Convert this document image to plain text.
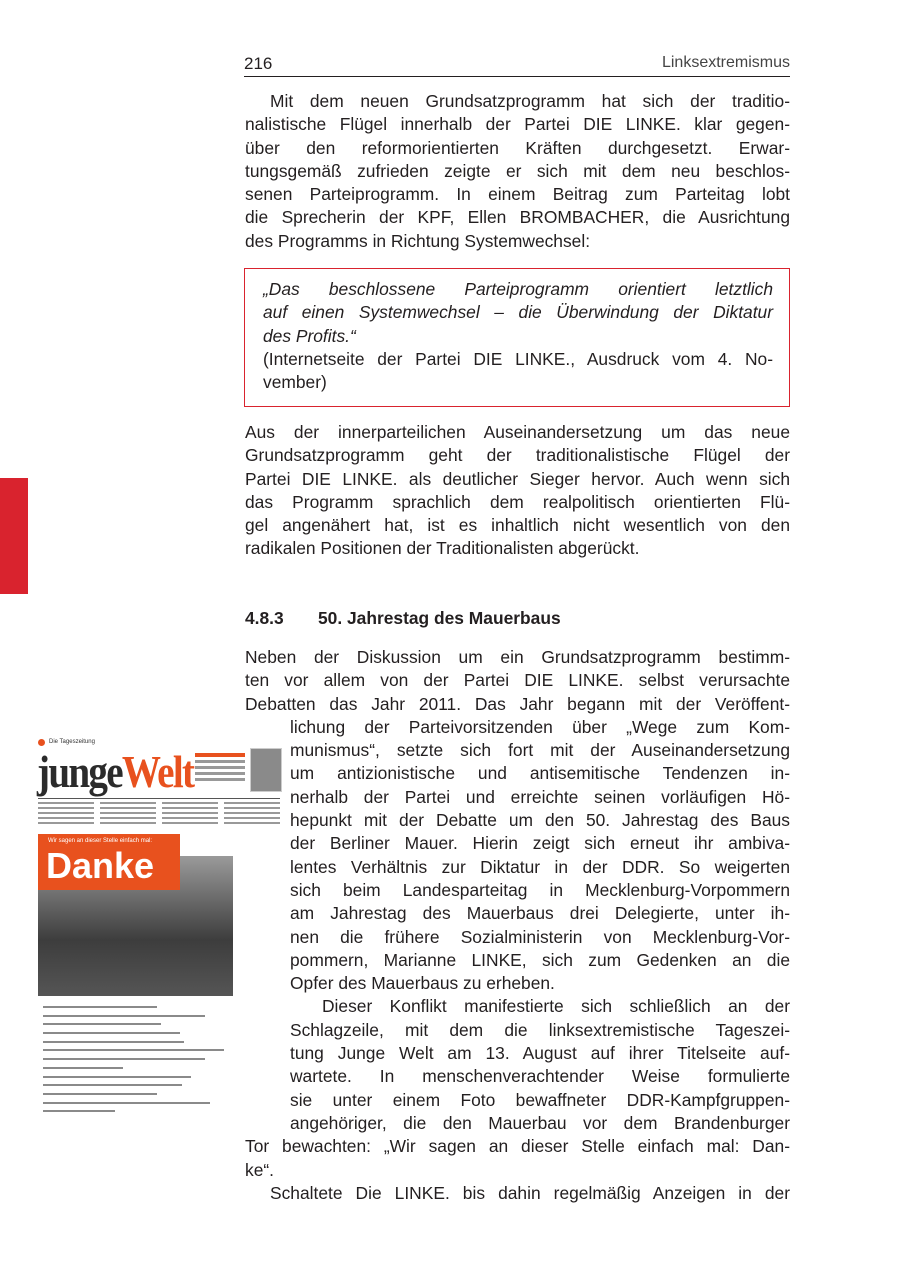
216	Linksextremismus
Mit dem neuen Grundsatzprogramm hat sich der traditio-
nalistische Flügel innerhalb der Partei DIE LINKE. klar gegen-
über den reformorientierten Kräften durchgesetzt. Erwar-
tungsgemäß zufrieden zeigte er sich mit dem neu beschlos-
senen Parteiprogramm. In einem Beitrag zum Parteitag lobt
die Sprecherin der KPF, Ellen BROMBACHER, die Ausrichtung
des Programms in Richtung Systemwechsel:
„Das beschlossene Parteiprogramm orientiert letztlich
auf einen Systemwechsel – die Überwindung der Diktatur
des Profits.“
(Internetseite der Partei DIE LINKE., Ausdruck vom 4. No-
vember)
Aus der innerparteilichen Auseinandersetzung um das neue
Grundsatzprogramm geht der traditionalistische Flügel der
Partei DIE LINKE. als deutlicher Sieger hervor. Auch wenn sich
das Programm sprachlich dem realpolitisch orientierten Flü-
gel angenähert hat, ist es inhaltlich nicht wesentlich von den
radikalen Positionen der Traditionalisten abgerückt.
4.8.3 50. Jahrestag des Mauerbaus
Neben der Diskussion um ein Grundsatzprogramm bestimm-
ten vor allem von der Partei DIE LINKE. selbst verursachte
Debatten das Jahr 2011. Das Jahr begann mit der Veröffent-
lichung der Parteivorsitzenden über „Wege zum Kom-
munismus“, setzte sich fort mit der Auseinandersetzung
um antizionistische und antisemitische Tendenzen in-
nerhalb der Partei und erreichte seinen vorläufigen Hö-
hepunkt mit der Debatte um den 50. Jahrestag des Baus
der Berliner Mauer. Hierin zeigt sich erneut ihr ambiva-
lentes Verhältnis zur Diktatur in der DDR. So weigerten
sich beim Landesparteitag in Mecklenburg-Vorpommern
am Jahrestag des Mauerbaus drei Delegierte, unter ih-
nen die frühere Sozialministerin von Mecklenburg-Vor-
pommern, Marianne LINKE, sich zum Gedenken an die
Opfer des Mauerbaus zu erheben.
Dieser Konflikt manifestierte sich schließlich an der
Schlagzeile, mit dem die linksextremistische Tageszei-
tung Junge Welt am 13. August auf ihrer Titelseite auf-
wartete. In menschenverachtender Weise formulierte
sie unter einem Foto bewaffneter DDR-Kampfgruppen-
angehöriger, die den Mauerbau vor dem Brandenburger
Tor bewachten: „Wir sagen an dieser Stelle einfach mal: Dan-
ke“.
Schaltete Die LINKE. bis dahin regelmäßig Anzeigen in der
Die Tageszeitung
jungeWelt
Wir sagen an dieser Stelle einfach mal:
Danke
